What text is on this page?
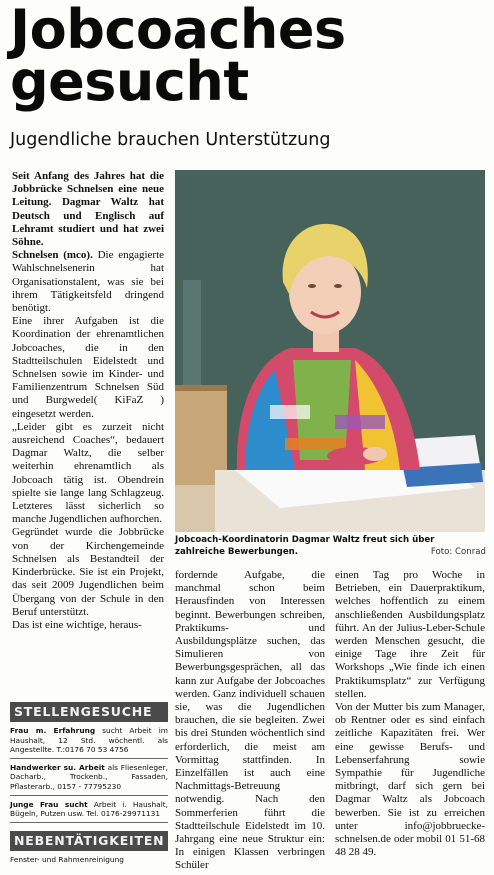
Jobcoaches
gesucht
Jugendliche brauchen Unterstützung

Seit Anfang des Jahres hat die Jobbrücke Schnelsen eine neue Leitung. Dagmar Waltz hat Deutsch und Englisch auf Lehramt studiert und hat zwei Söhne.

Schnelsen (mco). Die engagierte Wahlschnelsenerin hat Organisationstalent, was sie bei ihrem Tätigkeitsfeld dringend benötigt.

Eine ihrer Aufgaben ist die Koordination der ehrenamtlichen Jobcoaches, die in den Stadtteilschulen Eidelstedt und Schnelsen sowie im Kinder- und Familienzentrum Schnelsen Süd und Burgwedel( KiFaZ ) eingesetzt werden.

„Leider gibt es zurzeit nicht ausreichend Coaches“, bedauert Dagmar Waltz, die selber weiterhin ehrenamtlich als Jobcoach tätig ist. Obendrein spielte sie lange lang Schlagzeug. Letzteres lässt sicherlich so manche Jugendlichen aufhorchen.

Gegründet wurde die Jobbrücke von der Kirchengemeinde Schnelsen als Bestandteil der Kinderbrücke. Sie ist ein Projekt, das seit 2009 Jugendlichen beim Übergang von der Schule in den Beruf unterstützt.

Das ist eine wichtige, heraus-

Jobcoach-Koordinatorin Dagmar Waltz freut sich über zahlreiche Bewerbungen.	Foto: Conrad

fordernde Aufgabe, die manchmal schon beim Herausfinden von Interessen beginnt. Bewerbungen schreiben, Praktikums- und Ausbildungsplätze suchen, das Simulieren von Bewerbungsgesprächen, all das kann zur Aufgabe der Jobcoaches werden. Ganz individuell schauen sie, was die Jugendlichen brauchen, die sie begleiten. Zwei bis drei Stunden wöchentlich sind erforderlich, die meist am Vormittag stattfinden. In Einzelfällen ist auch eine Nachmittags-Betreuung notwendig. Nach den Sommerferien führt die Stadtteilschule Eidelstedt im 10. Jahrgang eine neue Struktur ein: In einigen Klassen verbringen Schüler

einen Tag pro Woche in Betrieben, ein Dauerpraktikum, welches hoffentlich zu einem anschließenden Ausbildungsplatz führt. An der Julius-Leber-Schule werden Menschen gesucht, die einige Tage ihre Zeit für Workshops „Wie finde ich einen Praktikumsplatz“ zur Verfügung stellen.

Von der Mutter bis zum Manager, ob Rentner oder es sind einfach zeitliche Kapazitäten frei. Wer eine gewisse Berufs- und Lebenserfahrung sowie Sympathie für Jugendliche mitbringt, darf sich gern bei Dagmar Waltz als Jobcoach bewerben. Sie ist zu erreichen unter info@jobbruecke-schnelsen.de oder mobil 01 51-68 48 28 49.

STELLENGESUCHE
Frau m. Erfahrung sucht Arbeit im Haushalt, 12 Std. wöchentl. als Angestellte. T.:0176 70 53 4756
Handwerker su. Arbeit als Fliesenleger, Dacharb., Trockenb., Fassaden, Pflasterarb., 0157 - 77795230
Junge Frau sucht Arbeit i. Haushalt, Bügeln, Putzen usw. Tel. 0176-29971131
NEBENTÄTIGKEITEN
Fenster- und Rahmenreinigung
